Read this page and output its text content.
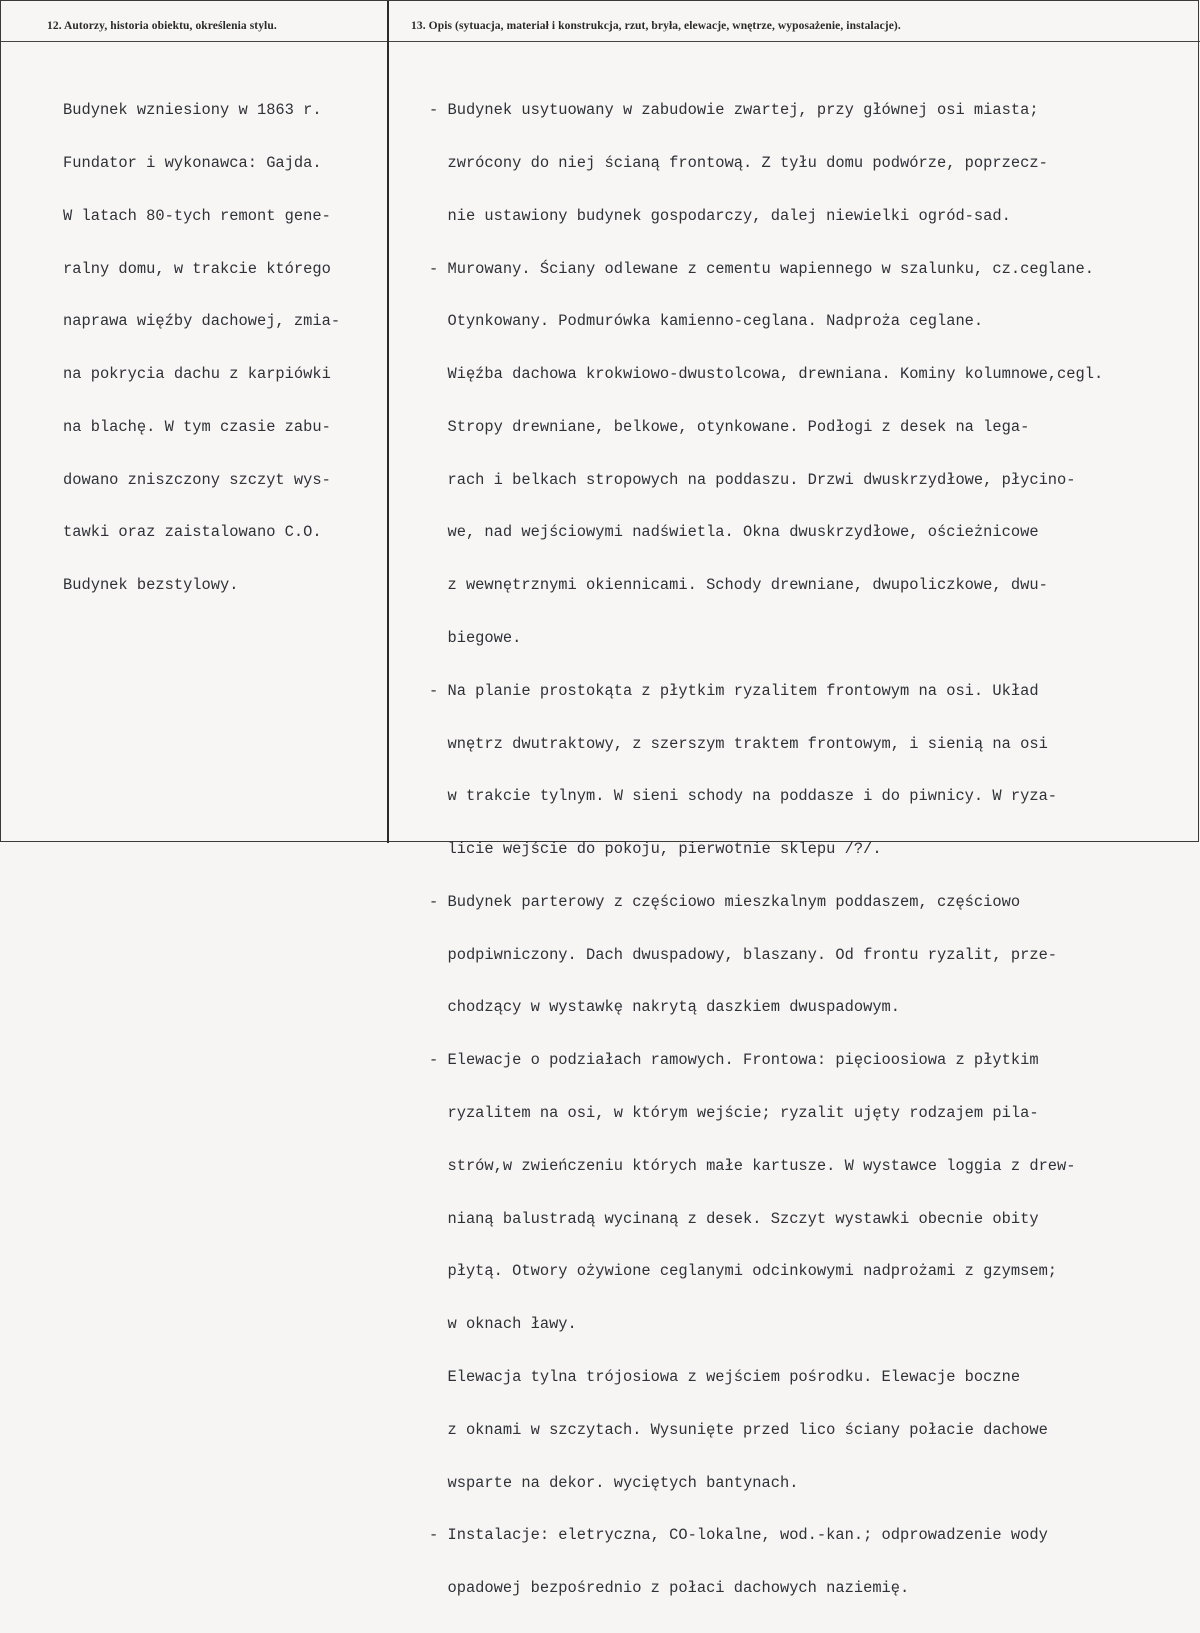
12. Autorzy, historia obiektu, określenia stylu.	13. Opis (sytuacja, materiał i konstrukcja, rzut, bryła, elewacje, wnętrze, wyposażenie, instalacje).

Budynek wzniesiony w 1863 r.

Fundator i wykonawca: Gajda.

W latach 80-tych remont gene-

ralny domu, w trakcie którego

naprawa więźby dachowej, zmia-

na pokrycia dachu z karpiówki

na blachę. W tym czasie zabu-

dowano zniszczony szczyt wys-

tawki oraz zaistalowano C.O.

Budynek bezstylowy.

- Budynek usytuowany w zabudowie zwartej, przy głównej osi miasta;

zwrócony do niej ścianą frontową. Z tyłu domu podwórze, poprzecz-

nie ustawiony budynek gospodarczy, dalej niewielki ogród-sad.

- Murowany. Ściany odlewane z cementu wapiennego w szalunku, cz.ceglane.

Otynkowany. Podmurówka kamienno-ceglana. Nadproża ceglane.

Więźba dachowa krokwiowo-dwustolcowa, drewniana. Kominy kolumnowe,cegl.

Stropy drewniane, belkowe, otynkowane. Podłogi z desek na lega-

rach i belkach stropowych na poddaszu. Drzwi dwuskrzydłowe, płycino-

we, nad wejściowymi nadświetla. Okna dwuskrzydłowe, ościeżnicowe

z wewnętrznymi okiennicami. Schody drewniane, dwupoliczkowe, dwu-

biegowe.

- Na planie prostokąta z płytkim ryzalitem frontowym na osi. Układ

wnętrz dwutraktowy, z szerszym traktem frontowym, i sienią na osi

w trakcie tylnym. W sieni schody na poddasze i do piwnicy. W ryza-

licie wejście do pokoju, pierwotnie sklepu /?/.

- Budynek parterowy z częściowo mieszkalnym poddaszem, częściowo

podpiwniczony. Dach dwuspadowy, blaszany. Od frontu ryzalit, prze-

chodzący w wystawkę nakrytą daszkiem dwuspadowym.

- Elewacje o podziałach ramowych. Frontowa: pięcioosiowa z płytkim

ryzalitem na osi, w którym wejście; ryzalit ujęty rodzajem pila-

strów,w zwieńczeniu których małe kartusze. W wystawce loggia z drew-

nianą balustradą wycinaną z desek. Szczyt wystawki obecnie obity

płytą. Otwory ożywione ceglanymi odcinkowymi nadprożami z gzymsem;

w oknach ławy.

Elewacja tylna trójosiowa z wejściem pośrodku. Elewacje boczne

z oknami w szczytach. Wysunięte przed lico ściany połacie dachowe

wsparte na dekor. wyciętych bantynach.

- Instalacje: eletryczna, CO-lokalne, wod.-kan.; odprowadzenie wody

opadowej bezpośrednio z połaci dachowych naziemię.
